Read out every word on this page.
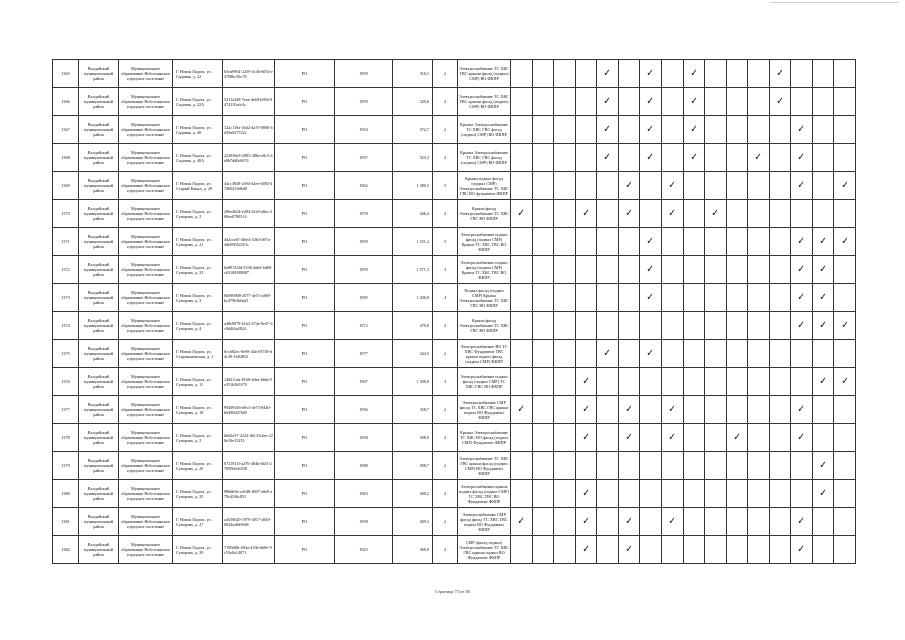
1365	Валдайский муниципальный район	Муниципальное образование Неболчинское городское поселение	Г. Новая Ладога, ул. Садовая, д. 22	63cb9964-2239-4c4b-b054-e4708bc56c78	РО	1959	316,1	2	Электроснабжение ТС ХВС ГВС крыши фасад (подвал) СМР) ВО ФКПР					✓		✓		✓				✓			
1366	Валдайский муниципальный район	Муниципальное образование Неболчинское городское поселение	Г. Новая Ладога, ул. Садовая, д. 22А	5211a348-7eea-4eb9-b956-0474130cdc4c	РО	1959	329,6	2	Электроснабжение ТС ХВС ГВС крыши фасад (подвал) СМР) ВО ФКПР					✓		✓		✓				✓			
1367	Валдайский муниципальный район	Муниципальное образование Неболчинское городское поселение	Г. Новая Ладога, ул. Садовая, д. 40	122c119a-36d2-4a70-8000-bd39a027722c	РО	1954	372,7	2	Крыша Электроснабжение ТС ХВС ГВС фасад (подвал) СМР) ВО ФКПР					✓		✓		✓					✓		
1368	Валдайский муниципальный район	Муниципальное образование Неболчинское городское поселение	Г. Новая Ладога, ул. Садовая, д. 40А	222836e3-2083-486e-a9c3-4e8b7dd0c6074	РО	1957	523,3	2	Крыша Электроснабжение ТС ХВС ГВС фасад (подвал) СМР) ВО ФКПР					✓		✓		✓			✓		✓		
1369	Валдайский муниципальный район	Муниципальное образование Неболчинское городское поселение	Г. Новая Ладога, ул. Старый Канал, д. 29	44cc3928-2e94-44ee-b883-47d60210db08	РО	1962	1 380,3	3	Крыша подвал фасад (подвал СМР) Электроснабжение ТС ХВС ГВС ВО фундамент ФКПР						✓		✓						✓		✓
1370	Валдайский муниципальный район	Муниципальное образование Неболчинское городское поселение	Г. Новая Ладога, ул. Суворова, д. 2	20be4b54-e494-41e9-a8ac-268ea0790514	РО	1978	446,4	2	Крыша фасад Электроснабжение ТС ХВС ГВС ВО ФКПР	✓			✓		✓		✓		✓						
1371	Валдайский муниципальный район	Муниципальное образование Неболчинское городское поселение	Г. Новая Ладога, ул. Суворова, д. 21	4d2ccef5-4f6e4-43b3-b97a-4db99052251c	РО	1959	1 551,2	3	Электроснабжение подвал фасад (подвал СМР) Крыша ТС ХВС ГВС ВО ФКПР							✓							✓	✓	✓
1372	Валдайский муниципальный район	Муниципальное образование Неболчинское городское поселение	Г. Новая Ладога, ул. Суворова, д. 23	6a8913f4d-3336-4ab2-bd60-c63108188087	РО	1959	1 571,3	3	Электроснабжение подвал фасад (подвал СМР) Крыша ТС ХВС ГВС ВО ФКПР							✓							✓	✓	
1373	Валдайский муниципальный район	Муниципальное образование Неболчинское городское поселение	Г. Новая Ладога, ул. Суворова, д. 3	0b090808-2077-4e51-a380-bc479b3b6a2f	РО	1995	1 206,8	4	Подвал фасад (подвал СМР) Крыша Электроснабжение ТС ХВС ГВС ВО ФКПР							✓							✓	✓	
1374	Валдайский муниципальный район	Муниципальное образование Неболчинское городское поселение	Г. Новая Ладога, ул. Суворова, д. 4	a48e0979-b1b3-47de-9e47-4c0d4f4a4824	РО	1972	470,0	2	Крыша фасад Электроснабжение ТС ХВС ГВС ВО ФКПР														✓	✓	✓
1375	Валдайский муниципальный район	Муниципальное образование Неболчинское городское поселение	Г. Новая Ладога, ул. Старокаменская, д. 1	0ccb82ec-8e98-44e4-8749-d4c39-1b04852	РО	1977	244,5	2	Электроснабжение ВО ТС ХВС Фундамент ГВС крыша подвал фасад (подвал СМР) ФКПР					✓		✓									
1376	Валдайский муниципальный район	Муниципальное образование Неболчинское городское поселение	Г. Новая Ладога, ул. Суворова, д. 11	14821cda-8166-4dea-bb6a-5e351b3b5379	РО	1967	1 309,0	3	Электроснабжение подвал фасад (подвал СМР) ТС ХВС ГВС ВО ФКПР				✓											✓	✓
1377	Валдайский муниципальный район	Муниципальное образование Неболчинское городское поселение	Г. Новая Ладога, ул. Суворова, д. 18	99499d16-d9c3-4e73-8440-b6490d27b05	РО	1956	358,7	2	Электроснабжение СМР фасад ТС ХВС ГВС крыша подвал ВО Фундамент ФКПР	✓			✓		✓		✓						✓		
1378	Валдайский муниципальный район	Муниципальное образование Неболчинское городское поселение	Г. Новая Ладога, ул. Суворова, д. 2	b6d2e57-2234-4b13-b2ee-220e10e15233	РО	1958	398,9	2	Крыша Электроснабжение ТС ХВС ВО фасад (подвал СМР) Фундамент ФКПР				✓		✓		✓			✓			✓		
1379	Валдайский муниципальный район	Муниципальное образование Неболчинское городское поселение	Г. Новая Ладога, ул. Суворова, д. 25	6721811f-a276-484b-b6f3-27695b6c6338	РО	1988	398,7	2	Электроснабжение ТС ХВС ГВС крыша фасад (подвал СМР) ВО Фундамент ФКПР															✓	
1380	Валдайский муниципальный район	Муниципальное образование Неболчинское городское поселение	Г. Новая Ладога, ул. Суворова, д. 25	98b6b9a-cd348-4607-a8e0-a79fd346c851	РО	1983	400,2	2	Электроснабжение крыша подвал фасад (подвал СМР) ТС ХВС ГВС ВО Фундамент ФКПР				✓											✓	
1381	Валдайский муниципальный район	Муниципальное образование Неболчинское городское поселение	Г. Новая Ладога, ул. Суворова, д. 27	a4536620-1979-4917-a849-0024ea8d5668	РО	1958	409,3	2	Электроснабжение СМР фасад фасад ТС ХВС ГВС подвал ВО Фундамент ФКПР	✓			✓		✓		✓						✓		
1382	Валдайский муниципальный район	Муниципальное образование Неболчинское городское поселение	Г. Новая Ладога, ул. Суворова, д. 29	719fb8fb-b94a-416b-b68e-9c53e0a14071	РО	1925	369,9	2	СМР (фасад подвал) Электроснабжение ТС ХВС ГВС крыша подвал ВО Фундамент ФКПР				✓		✓								✓		
Страница 73 из 80
